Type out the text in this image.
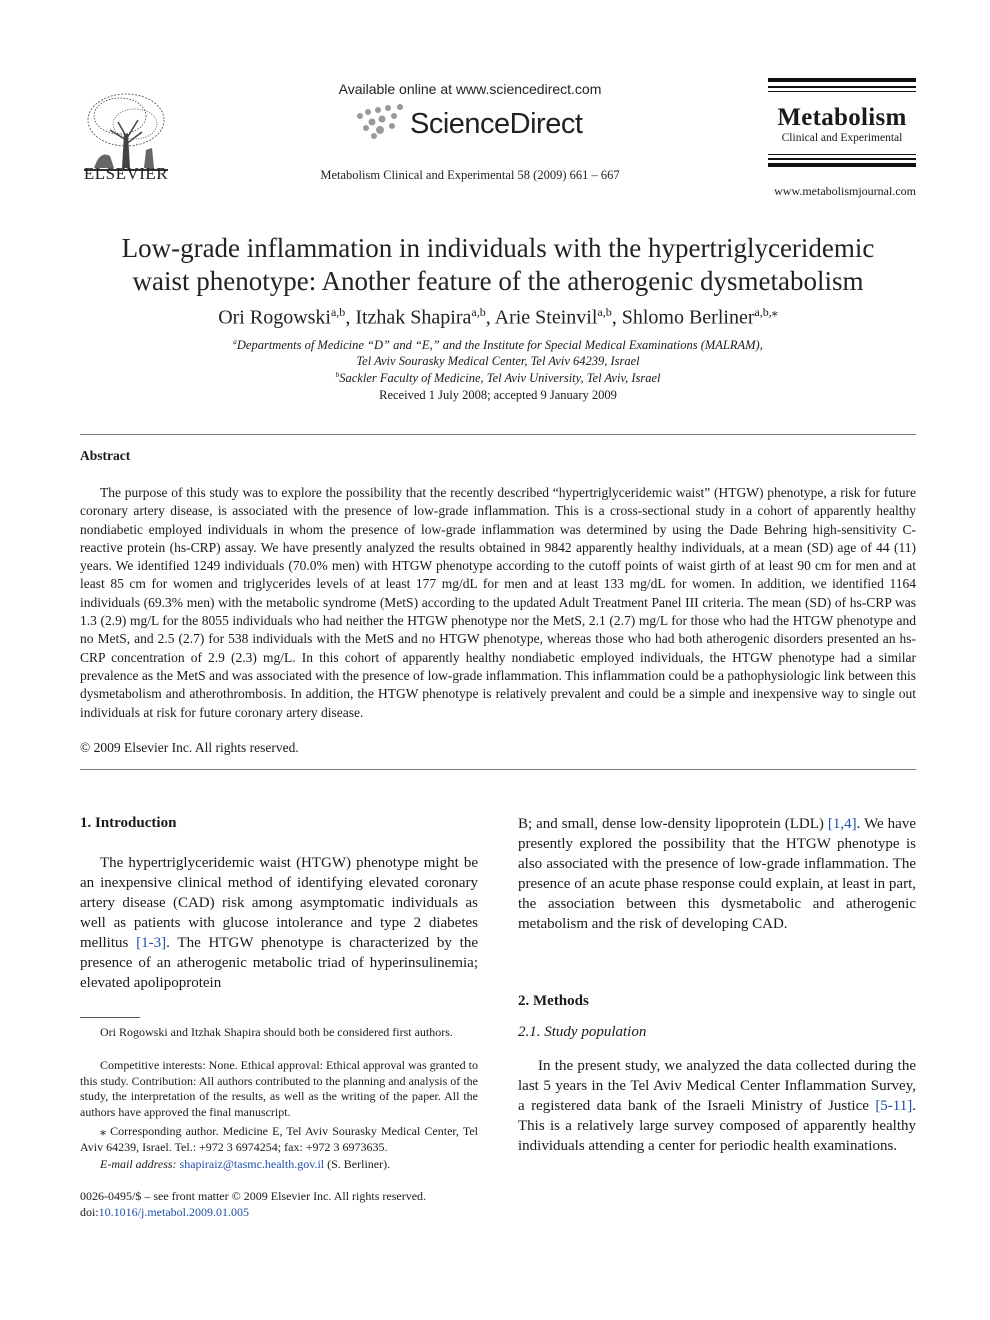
ELSEVIER
Available online at www.sciencedirect.com
ScienceDirect
Metabolism Clinical and Experimental 58 (2009) 661 – 667
Metabolism
Clinical and Experimental
www.metabolismjournal.com
Low-grade inflammation in individuals with the hypertriglyceridemic
waist phenotype: Another feature of the atherogenic dysmetabolism
Ori Rogowski$^{a,b}$, Itzhak Shapira$^{a,b}$, Arie Steinvil$^{a,b}$, Shlomo Berliner$^{a,b,⁎}$
$^a$Departments of Medicine “D” and “E,” and the Institute for Special Medical Examinations (MALRAM),
Tel Aviv Sourasky Medical Center, Tel Aviv 64239, Israel
$^b$Sackler Faculty of Medicine, Tel Aviv University, Tel Aviv, Israel
Received 1 July 2008; accepted 9 January 2009
Abstract
The purpose of this study was to explore the possibility that the recently described “hypertriglyceridemic waist” (HTGW) phenotype, a risk for future coronary artery disease, is associated with the presence of low-grade inflammation. This is a cross-sectional study in a cohort of apparently healthy nondiabetic employed individuals in whom the presence of low-grade inflammation was determined by using the Dade Behring high-sensitivity C-reactive protein (hs-CRP) assay. We have presently analyzed the results obtained in 9842 apparently healthy individuals, at a mean (SD) age of 44 (11) years. We identified 1249 individuals (70.0% men) with HTGW phenotype according to the cutoff points of waist girth of at least 90 cm for men and at least 85 cm for women and triglycerides levels of at least 177 mg/dL for men and at least 133 mg/dL for women. In addition, we identified 1164 individuals (69.3% men) with the metabolic syndrome (MetS) according to the updated Adult Treatment Panel III criteria. The mean (SD) of hs-CRP was 1.3 (2.9) mg/L for the 8055 individuals who had neither the HTGW phenotype nor the MetS, 2.1 (2.7) mg/L for those who had the HTGW phenotype and no MetS, and 2.5 (2.7) for 538 individuals with the MetS and no HTGW phenotype, whereas those who had both atherogenic disorders presented an hs-CRP concentration of 2.9 (2.3) mg/L. In this cohort of apparently healthy nondiabetic employed individuals, the HTGW phenotype had a similar prevalence as the MetS and was associated with the presence of low-grade inflammation. This inflammation could be a pathophysiologic link between this dysmetabolism and atherothrombosis. In addition, the HTGW phenotype is relatively prevalent and could be a simple and inexpensive way to single out individuals at risk for future coronary artery disease.
© 2009 Elsevier Inc. All rights reserved.
1. Introduction

The hypertriglyceridemic waist (HTGW) phenotype might be an inexpensive clinical method of identifying elevated coronary artery disease (CAD) risk among asymptomatic individuals as well as patients with glucose intolerance and type 2 diabetes mellitus [1-3]. The HTGW phenotype is characterized by the presence of an atherogenic metabolic triad of hyperinsulinemia; elevated apolipoprotein

Ori Rogowski and Itzhak Shapira should both be considered first authors.

Competitive interests: None. Ethical approval: Ethical approval was granted to this study. Contribution: All authors contributed to the planning and analysis of the study, the interpretation of the results, as well as the writing of the paper. All the authors have approved the final manuscript.

⁎ Corresponding author. Medicine E, Tel Aviv Sourasky Medical Center, Tel Aviv 64239, Israel. Tel.: +972 3 6974254; fax: +972 3 6973635.

E-mail address: shapiraiz@tasmc.health.gov.il (S. Berliner).

0026-0495/$ – see front matter © 2009 Elsevier Inc. All rights reserved.
doi:10.1016/j.metabol.2009.01.005

B; and small, dense low-density lipoprotein (LDL) [1,4]. We have presently explored the possibility that the HTGW phenotype is also associated with the presence of low-grade inflammation. The presence of an acute phase response could explain, at least in part, the association between this dysmetabolic and atherogenic metabolism and the risk of developing CAD.

2. Methods
2.1. Study population

In the present study, we analyzed the data collected during the last 5 years in the Tel Aviv Medical Center Inflammation Survey, a registered data bank of the Israeli Ministry of Justice [5-11]. This is a relatively large survey composed of apparently healthy individuals attending a center for periodic health examinations.
